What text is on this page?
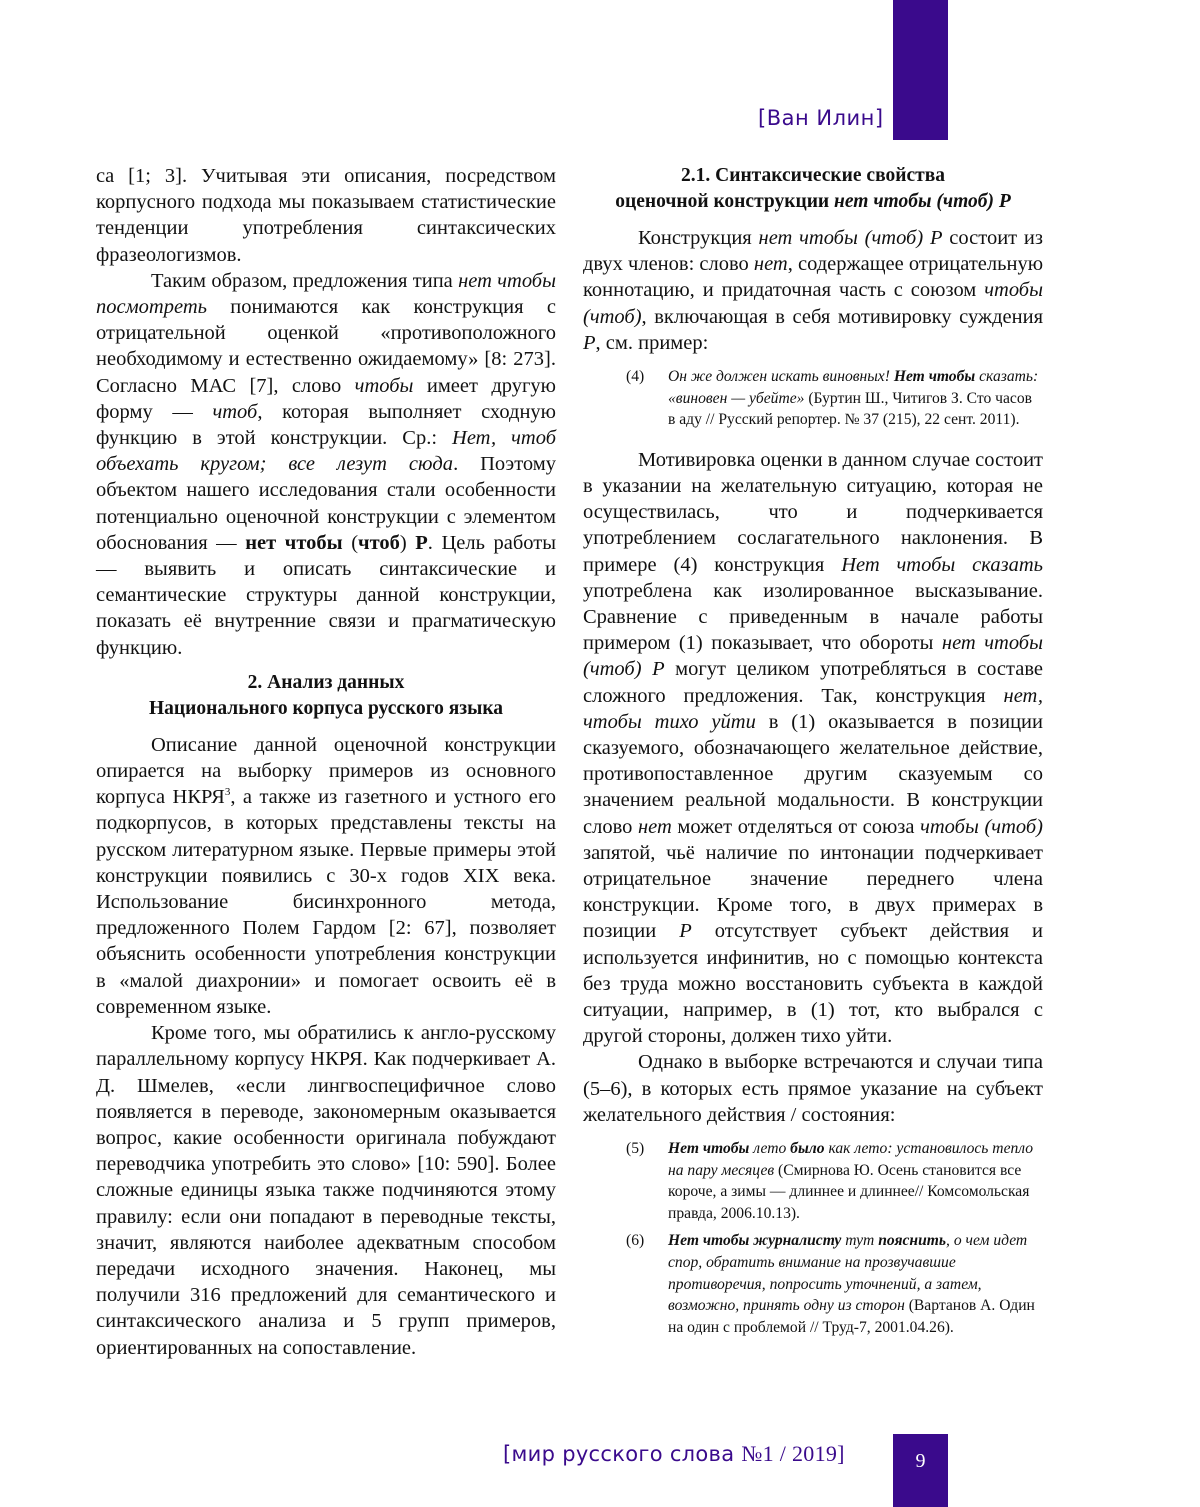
[Ван Илин]

ca [1; 3]. Учитывая эти описания, посредством корпусного подхода мы показываем статистические тенденции употребления синтаксических фразеологизмов.

Таким образом, предложения типа нет чтобы посмотреть понимаются как конструкция с отрицательной оценкой «противоположного необходимому и естественно ожидаемому» [8: 273]. Согласно МАС [7], слово чтобы имеет другую форму — чтоб, которая выполняет сходную функцию в этой конструкции. Ср.: Нет, чтоб объехать кругом; все лезут сюда. Поэтому объектом нашего исследования стали особенности потенциально оценочной конструкции с элементом обоснования — нет чтобы (чтоб) P. Цель работы — выявить и описать синтаксические и семантические структуры данной конструкции, показать её внутренние связи и прагматическую функцию.

2. Анализ данных
Национального корпуса русского языка

Описание данной оценочной конструкции опирается на выборку примеров из основного корпуса НКРЯ$^3$, а также из газетного и устного его подкорпусов, в которых представлены тексты на русском литературном языке. Первые примеры этой конструкции появились с 30-х годов XIX века. Использование бисинхронного метода, предложенного Полем Гардом [2: 67], позволяет объяснить особенности употребления конструкции в «малой диахронии» и помогает освоить её в современном языке.

Кроме того, мы обратились к англо-русскому параллельному корпусу НКРЯ. Как подчеркивает А. Д. Шмелев, «если лингвоспецифичное слово появляется в переводе, закономерным оказывается вопрос, какие особенности оригинала побуждают переводчика употребить это слово» [10: 590]. Более сложные единицы языка также подчиняются этому правилу: если они попадают в переводные тексты, значит, являются наиболее адекватным способом передачи исходного значения. Наконец, мы получили 316 предложений для семантического и синтаксического анализа и 5 групп примеров, ориентированных на сопоставление.

2.1. Синтаксические свойства
оценочной конструкции нет чтобы (чтоб) P

Конструкция нет чтобы (чтоб) P состоит из двух членов: слово нет, содержащее отрицательную коннотацию, и придаточная часть с союзом чтобы (чтоб), включающая в себя мотивировку суждения P, см. пример:

(4)	Он же должен искать виновных! Нет чтобы сказать: «виновен — убейте» (Буртин Ш., Читигов З. Сто часов в аду // Русский репортер. № 37 (215), 22 сент. 2011).

Мотивировка оценки в данном случае состоит в указании на желательную ситуацию, которая не осуществилась, что и подчеркивается употреблением сослагательного наклонения. В примере (4) конструкция Нет чтобы сказать употреблена как изолированное высказывание. Сравнение с приведенным в начале работы примером (1) показывает, что обороты нет чтобы (чтоб) P могут целиком употребляться в составе сложного предложения. Так, конструкция нет, чтобы тихо уйти в (1) оказывается в позиции сказуемого, обозначающего желательное действие, противопоставленное другим сказуемым со значением реальной модальности. В конструкции слово нет может отделяться от союза чтобы (чтоб) запятой, чьё наличие по интонации подчеркивает отрицательное значение переднего члена конструкции. Кроме того, в двух примерах в позиции P отсутствует субъект действия и используется инфинитив, но с помощью контекста без труда можно восстановить субъекта в каждой ситуации, например, в (1) тот, кто выбрался с другой стороны, должен тихо уйти.

Однако в выборке встречаются и случаи типа (5–6), в которых есть прямое указание на субъект желательного действия / состояния:

(5)	Нет чтобы лето было как лето: установилось тепло на пару месяцев (Смирнова Ю. Осень становится все короче, а зимы — длиннее и длиннее// Комсомольская правда, 2006.10.13).
(6)	Нет чтобы журналисту тут пояснить, о чем идет спор, обратить внимание на прозвучавшие противоречия, попросить уточнений, а затем, возможно, принять одну из сторон (Вартанов А. Один на один с проблемой // Труд-7, 2001.04.26).
[мир русского слова №1 / 2019]	9
